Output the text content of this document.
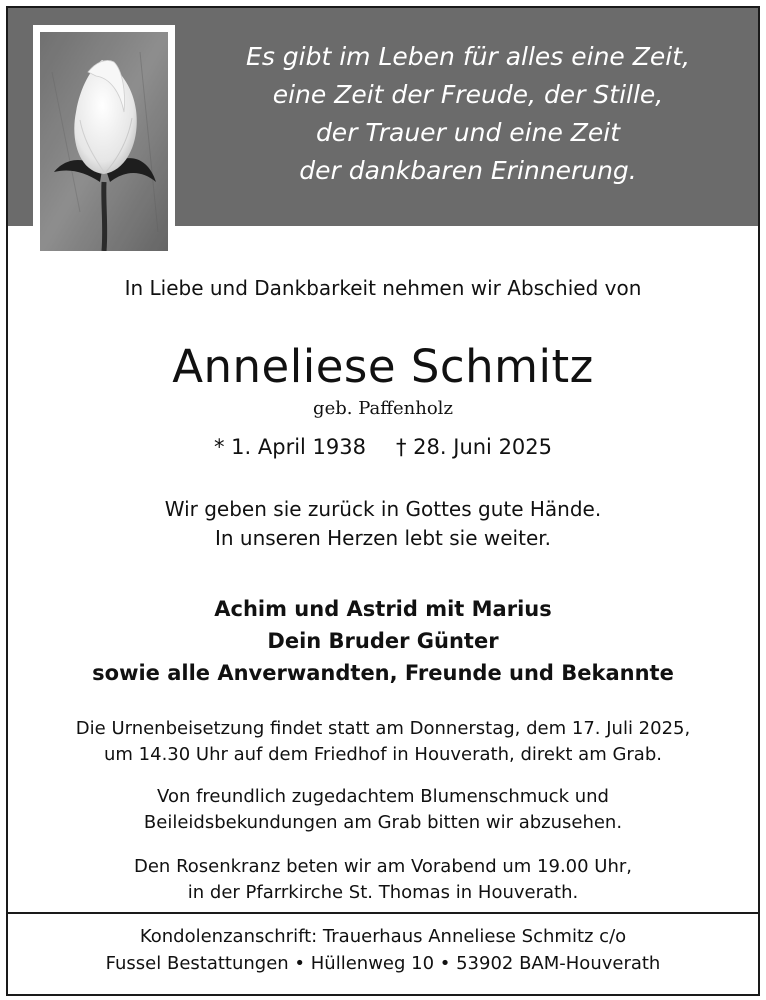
Es gibt im Leben für alles eine Zeit,
eine Zeit der Freude, der Stille,
der Trauer und eine Zeit
der dankbaren Erinnerung.
In Liebe und Dankbarkeit nehmen wir Abschied von
Anneliese Schmitz
geb. Paffenholz
* 1. April 1938 † 28. Juni 2025
Wir geben sie zurück in Gottes gute Hände.
In unseren Herzen lebt sie weiter.
Achim und Astrid mit Marius
Dein Bruder Günter
sowie alle Anverwandten, Freunde und Bekannte
Die Urnenbeisetzung findet statt am Donnerstag, dem 17. Juli 2025,
um 14.30 Uhr auf dem Friedhof in Houverath, direkt am Grab.
Von freundlich zugedachtem Blumenschmuck und
Beileidsbekundungen am Grab bitten wir abzusehen.
Den Rosenkranz beten wir am Vorabend um 19.00 Uhr,
in der Pfarrkirche St. Thomas in Houverath.
Kondolenzanschrift: Trauerhaus Anneliese Schmitz c/o
Fussel Bestattungen • Hüllenweg 10 • 53902 BAM-Houverath
